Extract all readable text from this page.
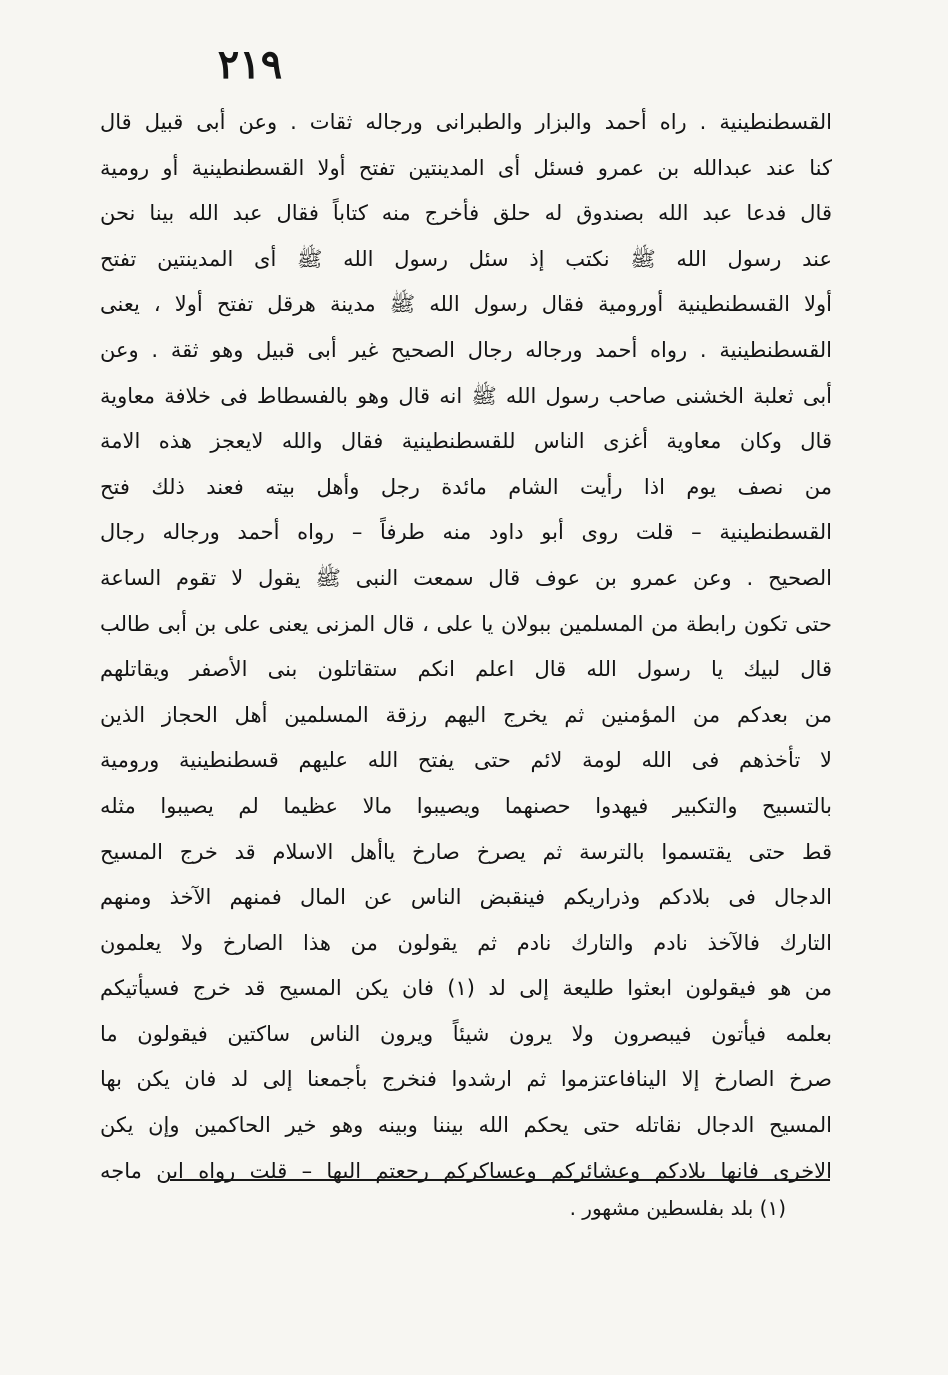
٢١٩
القسطنطينية . راه أحمد والبزار والطبرانى ورجاله ثقات . وعن أبى قبيل قال
كنا عند عبدالله بن عمرو فسئل أى المدينتين تفتح أولا القسطنطينية أو رومية
قال فدعا عبد الله بصندوق له حلق فأخرج منه كتاباً فقال عبد الله بينا نحن
عند رسول الله ﷺ نكتب إذ سئل رسول الله ﷺ أى المدينتين تفتح
أولا القسطنطينية أورومية فقال رسول الله ﷺ مدينة هرقل تفتح أولا ، يعنى
القسطنطينية . رواه أحمد ورجاله رجال الصحيح غير أبى قبيل وهو ثقة . وعن
أبى ثعلبة الخشنى صاحب رسول الله ﷺ انه قال وهو بالفسطاط فى خلافة معاوية
قال وكان معاوية أغزى الناس للقسطنطينية فقال والله لايعجز هذه الامة
من نصف يوم اذا رأيت الشام مائدة رجل وأهل بيته فعند ذلك فتح
القسطنطينية – قلت روى أبو داود منه طرفاً – رواه أحمد ورجاله رجال
الصحيح . وعن عمرو بن عوف قال سمعت النبى ﷺ يقول لا تقوم الساعة
حتى تكون رابطة من المسلمين ببولان يا على ، قال المزنى يعنى على بن أبى طالب
قال لبيك يا رسول الله قال اعلم انكم ستقاتلون بنى الأصفر ويقاتلهم
من بعدكم من المؤمنين ثم يخرج اليهم رزقة المسلمين أهل الحجاز الذين
لا تأخذهم فى الله لومة لائم حتى يفتح الله عليهم قسطنطينية ورومية
بالتسبيح والتكبير فيهدوا حصنهما ويصيبوا مالا عظيما لم يصيبوا مثله
قط حتى يقتسموا بالترسة ثم يصرخ صارخ ياأهل الاسلام قد خرج المسيح
الدجال فى بلادكم وذراريكم فينقبض الناس عن المال فمنهم الآخذ ومنهم
التارك فالآخذ نادم والتارك نادم ثم يقولون من هذا الصارخ ولا يعلمون
من هو فيقولون ابعثوا طليعة إلى لد (١) فان يكن المسيح قد خرج فسيأتيكم
بعلمه فيأتون فيبصرون ولا يرون شيئاً ويرون الناس ساكتين فيقولون ما
صرخ الصارخ إلا الينافاعتزموا ثم ارشدوا فنخرج بأجمعنا إلى لد فان يكن بها
المسيح الدجال نقاتله حتى يحكم الله بيننا وبينه وهو خير الحاكمين وإن يكن
الاخرى فانها بلادكم وعشائركم وعساكركم رجعتم اليها – قلت رواه ابن ماجه
(١) بلد بفلسطين مشهور .
